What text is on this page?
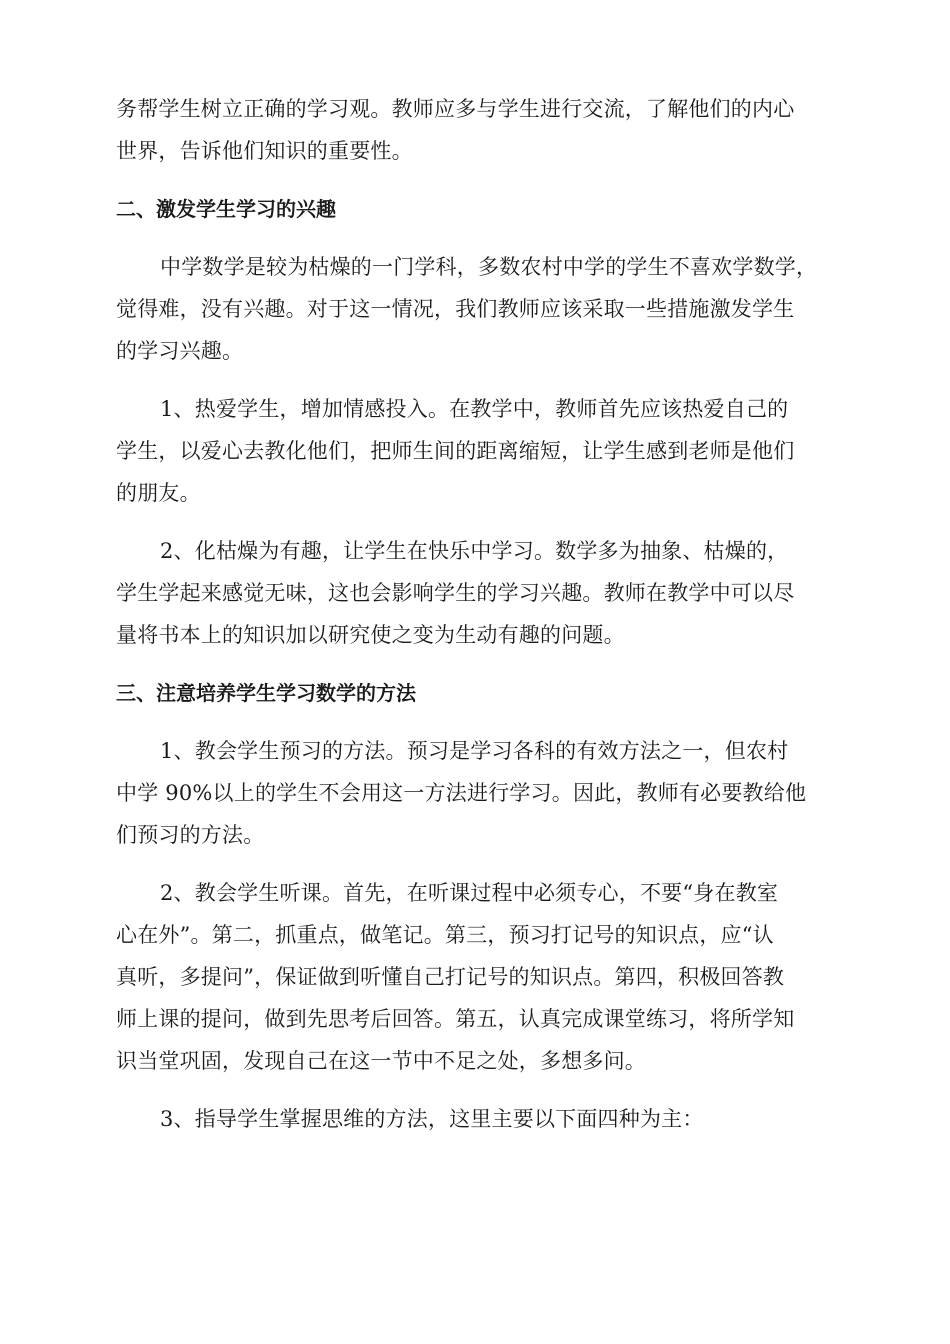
务帮学生树立正确的学习观。教师应多与学生进行交流，了解他们的内心
世界，告诉他们知识的重要性。
二、激发学生学习的兴趣
中学数学是较为枯燥的一门学科，多数农村中学的学生不喜欢学数学，
觉得难，没有兴趣。对于这一情况，我们教师应该采取一些措施激发学生
的学习兴趣。
1、热爱学生，增加情感投入。在教学中，教师首先应该热爱自己的
学生，以爱心去教化他们，把师生间的距离缩短，让学生感到老师是他们
的朋友。
2、化枯燥为有趣，让学生在快乐中学习。数学多为抽象、枯燥的，
学生学起来感觉无味，这也会影响学生的学习兴趣。教师在教学中可以尽
量将书本上的知识加以研究使之变为生动有趣的问题。
三、注意培养学生学习数学的方法
1、教会学生预习的方法。预习是学习各科的有效方法之一，但农村
中学 90%以上的学生不会用这一方法进行学习。因此，教师有必要教给他
们预习的方法。
2、教会学生听课。首先，在听课过程中必须专心，不要“身在教室
心在外”。第二，抓重点，做笔记。第三，预习打记号的知识点，应“认
真听，多提问”，保证做到听懂自己打记号的知识点。第四，积极回答教
师上课的提问，做到先思考后回答。第五，认真完成课堂练习，将所学知
识当堂巩固，发现自己在这一节中不足之处，多想多问。
3、指导学生掌握思维的方法，这里主要以下面四种为主：
